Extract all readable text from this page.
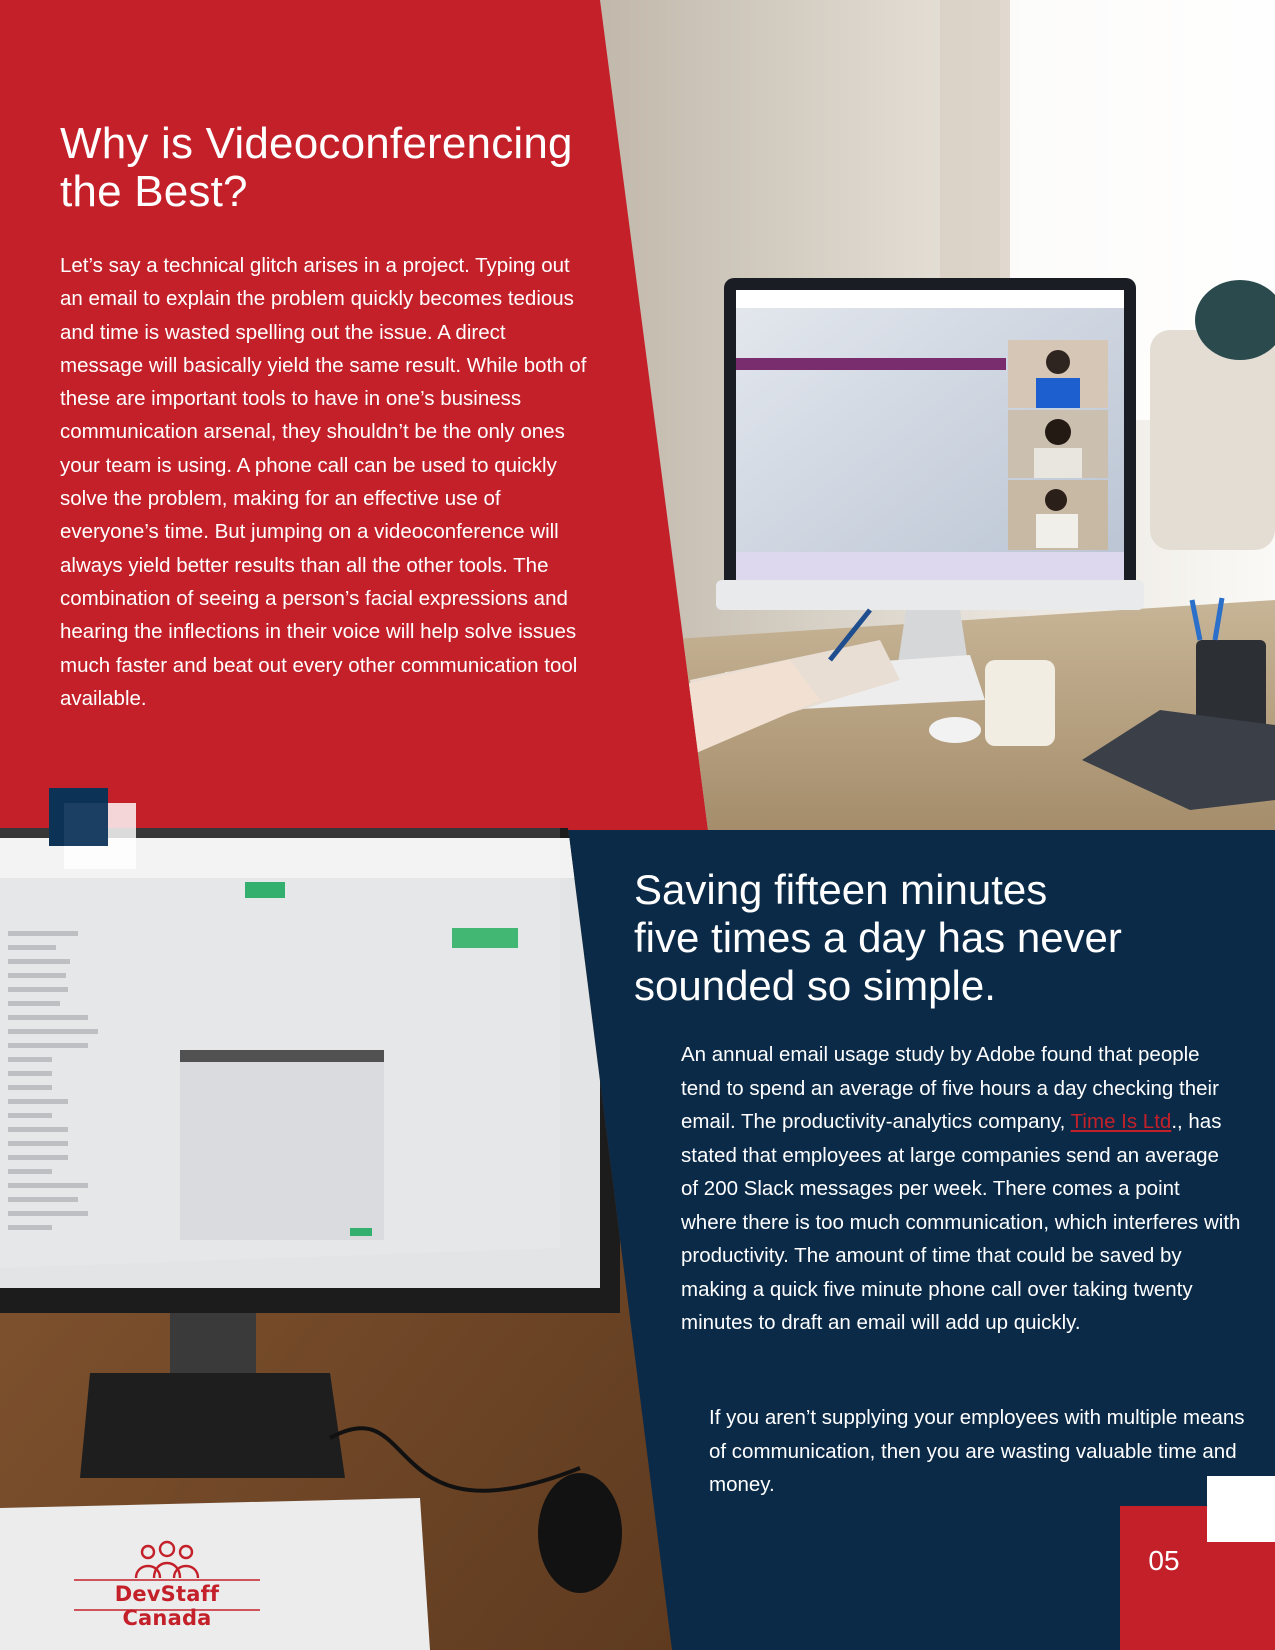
Why is Videoconferencing the Best?

Let’s say a technical glitch arises in a project. Typing out an email to explain the problem quickly becomes tedious and time is wasted spelling out the issue. A direct message will basically yield the same result. While both of these are important tools to have in one’s business communication arsenal, they shouldn’t be the only ones your team is using. A phone call can be used to quickly solve the problem, making for an effective use of everyone’s time. But jumping on a videoconference will always yield better results than all the other tools. The combination of seeing a person’s facial expressions and hearing the inflections in their voice will help solve issues much faster and beat out every other communication tool available.

Saving fifteen minutes
five times a day has never
sounded so simple.

An annual email usage study by Adobe found that people tend to spend an average of five hours a day checking their email. The productivity-analytics company, Time Is Ltd., has stated that employees at large companies send an average of 200 Slack messages per week. There comes a point where there is too much communication, which interferes with productivity. The amount of time that could be saved by making a quick five minute phone call over taking twenty minutes to draft an email will add up quickly.

If you aren’t supplying your employees with multiple means of communication, then you are wasting valuable time and money.

05
DevStaff Canada
